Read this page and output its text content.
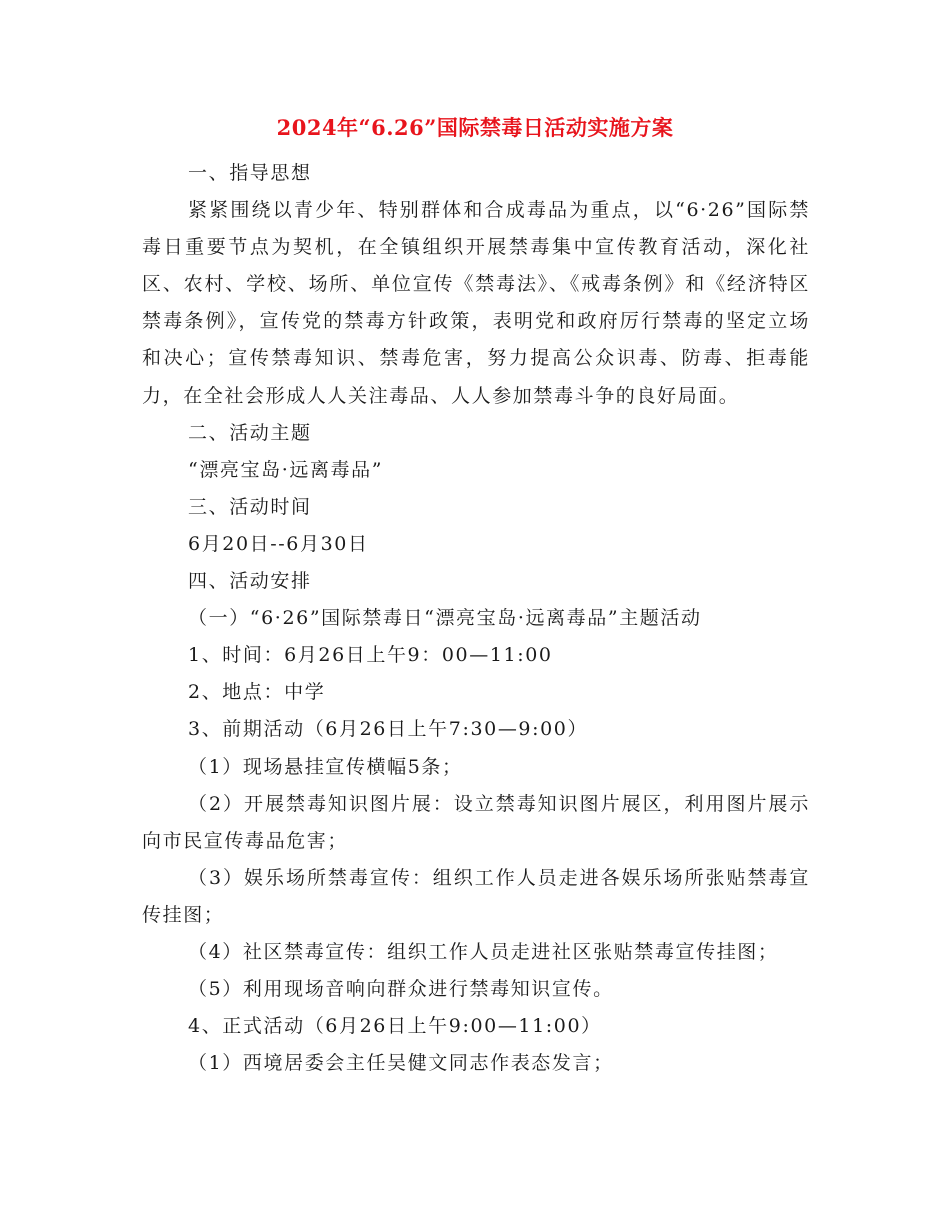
2024年“6.26”国际禁毒日活动实施方案

一、指导思想

紧紧围绕以青少年、特别群体和合成毒品为重点，以“6·26”国际禁毒日重要节点为契机，在全镇组织开展禁毒集中宣传教育活动，深化社区、农村、学校、场所、单位宣传《禁毒法》、《戒毒条例》和《经济特区禁毒条例》，宣传党的禁毒方针政策，表明党和政府厉行禁毒的坚定立场和决心；宣传禁毒知识、禁毒危害，努力提高公众识毒、防毒、拒毒能力，在全社会形成人人关注毒品、人人参加禁毒斗争的良好局面。

二、活动主题

“漂亮宝岛·远离毒品”

三、活动时间

6月20日--6月30日

四、活动安排

（一）“6·26”国际禁毒日“漂亮宝岛·远离毒品”主题活动

1、时间：6月26日上午9：00—11:00

2、地点：中学

3、前期活动（6月26日上午7:30—9:00）

（1）现场悬挂宣传横幅5条；

（2）开展禁毒知识图片展：设立禁毒知识图片展区，利用图片展示向市民宣传毒品危害；

（3）娱乐场所禁毒宣传：组织工作人员走进各娱乐场所张贴禁毒宣传挂图；

（4）社区禁毒宣传：组织工作人员走进社区张贴禁毒宣传挂图；

（5）利用现场音响向群众进行禁毒知识宣传。

4、正式活动（6月26日上午9:00—11:00）

（1）西境居委会主任吴健文同志作表态发言；
